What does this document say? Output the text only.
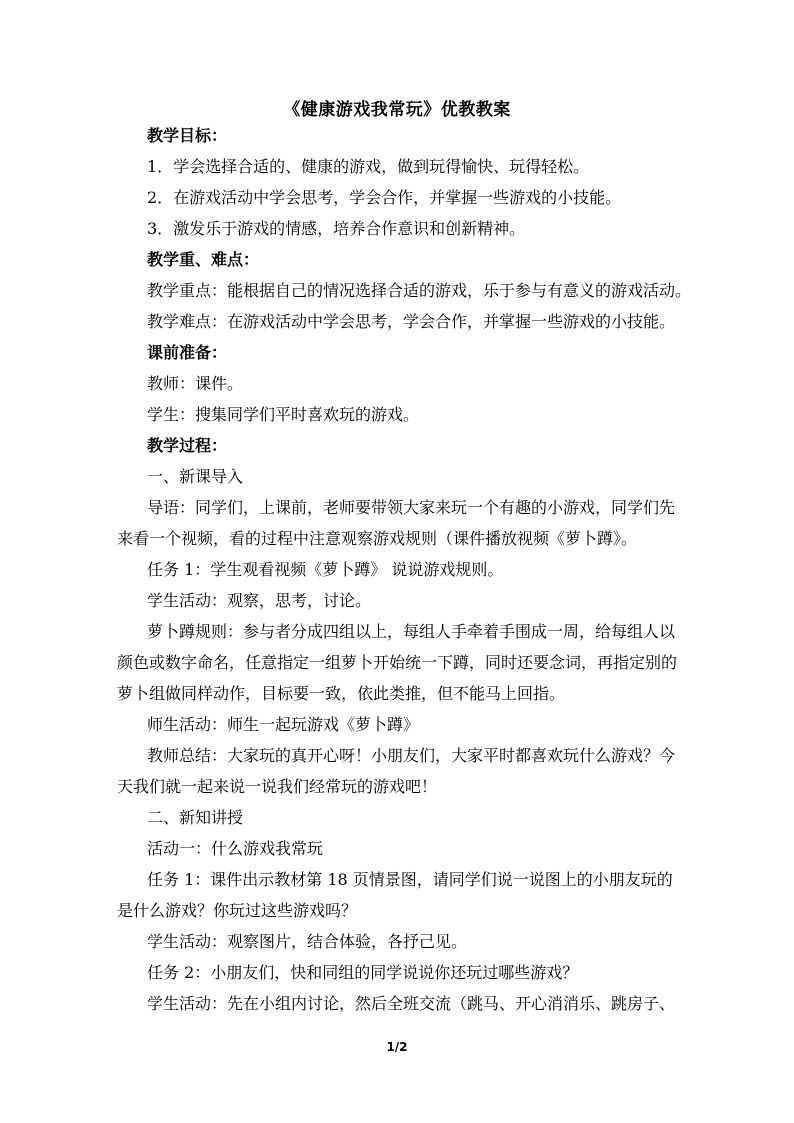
《健康游戏我常玩》优教教案
教学目标：
1．学会选择合适的、健康的游戏，做到玩得愉快、玩得轻松。
2．在游戏活动中学会思考，学会合作，并掌握一些游戏的小技能。
3．激发乐于游戏的情感，培养合作意识和创新精神。
教学重、难点：
教学重点：能根据自己的情况选择合适的游戏，乐于参与有意义的游戏活动。
教学难点：在游戏活动中学会思考，学会合作，并掌握一些游戏的小技能。
课前准备：
教师：课件。
学生：搜集同学们平时喜欢玩的游戏。
教学过程：
一、新课导入
导语：同学们，上课前，老师要带领大家来玩一个有趣的小游戏，同学们先
来看一个视频，看的过程中注意观察游戏规则（课件播放视频《萝卜蹲》。
任务 1：学生观看视频《萝卜蹲》 说说游戏规则。
学生活动：观察，思考，讨论。
萝卜蹲规则：参与者分成四组以上，每组人手牵着手围成一周，给每组人以
颜色或数字命名，任意指定一组萝卜开始统一下蹲，同时还要念词，再指定别的
萝卜组做同样动作，目标要一致，依此类推，但不能马上回指。
师生活动：师生一起玩游戏《萝卜蹲》
教师总结：大家玩的真开心呀！小朋友们，大家平时都喜欢玩什么游戏？今
天我们就一起来说一说我们经常玩的游戏吧！
二、新知讲授
活动一：什么游戏我常玩
任务 1：课件出示教材第 18 页情景图，请同学们说一说图上的小朋友玩的
是什么游戏？你玩过这些游戏吗？
学生活动：观察图片，结合体验，各抒己见。
任务 2：小朋友们，快和同组的同学说说你还玩过哪些游戏？
学生活动：先在小组内讨论，然后全班交流（跳马、开心消消乐、跳房子、
1/2
